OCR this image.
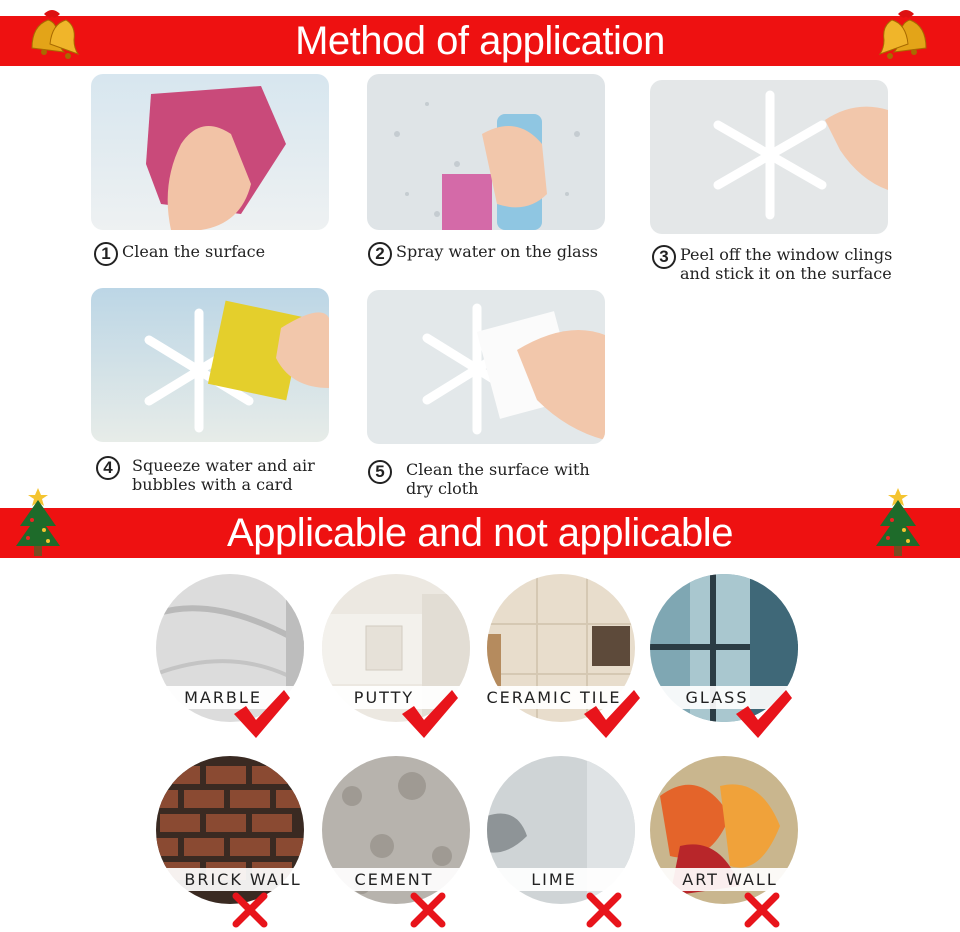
Method of application
1 Clean the surface	2 Spray water on the glass	3 Peel off the window clings
and stick it on the surface
4	Squeeze water and air
bubbles with a card
5	Clean the surface with
dry cloth
Applicable and not applicable
MARBLE	PUTTY	CERAMIC TILE	GLASS
BRICK WALL	CEMENT	LIME	ART WALL
